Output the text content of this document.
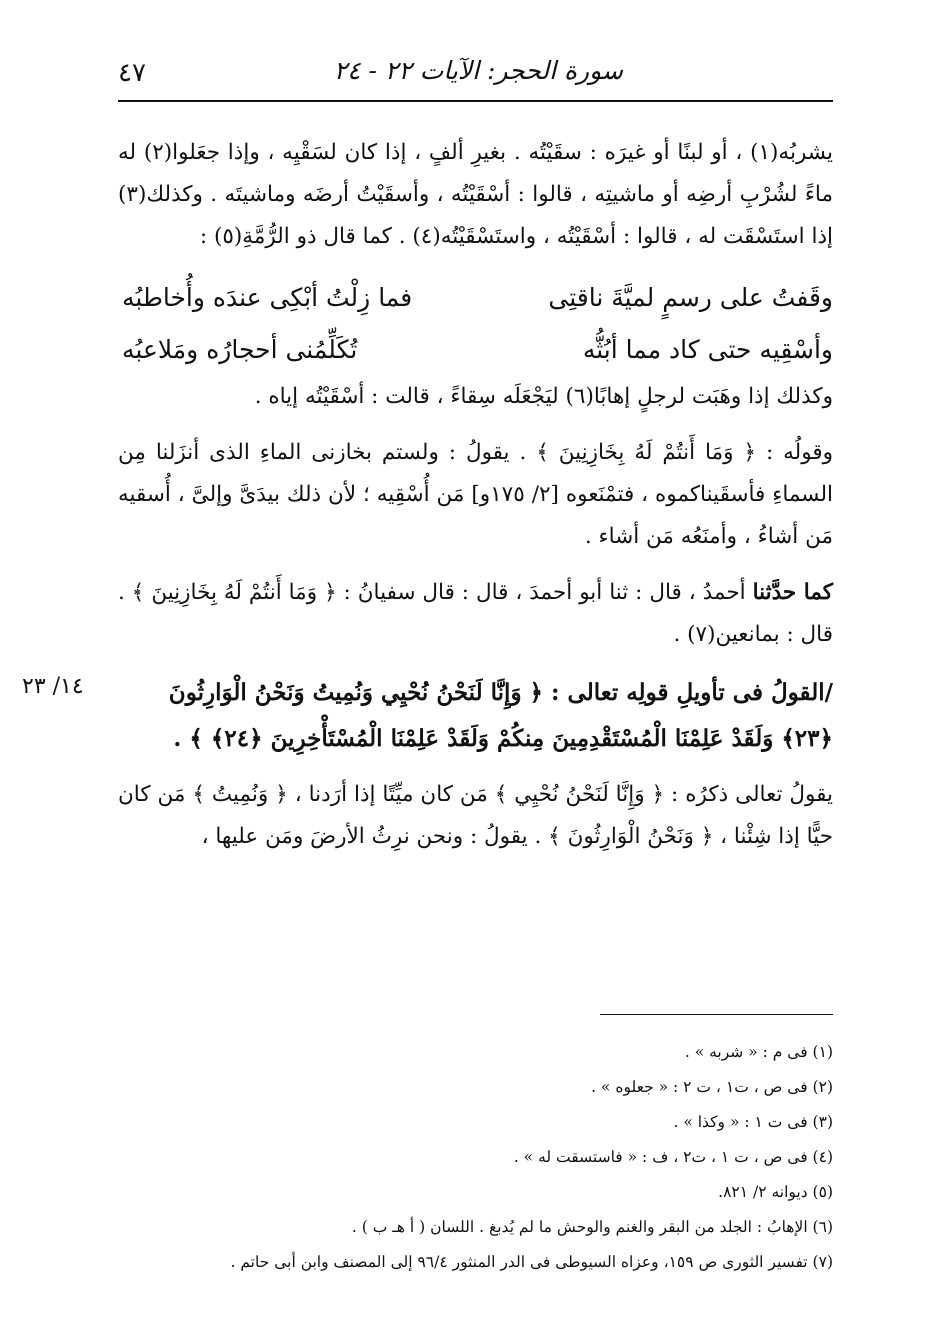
سورة الحجر: الآيات ٢٢ - ٢٤
٤٧

يشربُه(١) ، أو لبنًا أو غيرَه : سقَيْتُه . بغيرِ ألفٍ ، إذا كان لسَقْيِه ، وإذا جعَلوا(٢) له ماءً لشُرْبِ أرضِه أو ماشيتِه ، قالوا : أسْقَيْتُه ، وأسقَيْتُ أرضَه وماشيتَه . وكذلك(٣) إذا استَسْقَت له ، قالوا : أسْقَيْتُه ، واستَسْقَيْتُه(٤) . كما قال ذو الرُّمَّةِ(٥) :

وقَفتُ على رسمٍ لميَّةَ ناقتِى
فما زِلْتُ أبْكِى عندَه وأُخاطبُه
وأسْقِيه حتى كاد مما أبُثُّه
تُكَلِّمُنى أحجارُه ومَلاعبُه

وكذلك إذا وهَبَت لرجلٍ إهابًا(٦) ليَجْعَلَه سِقاءً ، قالت : أسْقَيْتُه إياه .

وقولُه : ﴿ وَمَا أَنتُمْ لَهُ بِخَازِنِينَ ﴾ . يقولُ : ولستم بخازنى الماءِ الذى أنزَلنا مِن السماءِ فأسقَيناكموه ، فتمْنَعوه [٢/ ١٧٥و] مَن أُسْقِيه ؛ لأن ذلك بيدَىَّ وإلىَّ ، أُسقيه مَن أشاءُ ، وأمنَعُه مَن أشاء .

كما حدَّثنا أحمدُ ، قال : ثنا أبو أحمدَ ، قال : قال سفيانُ : ﴿ وَمَا أَنتُمْ لَهُ بِخَازِنِينَ ﴾ . قال : بمانعين(٧) .

/القولُ فى تأويلِ قولِه تعالى : ﴿ وَإِنَّا لَنَحْنُ نُحْيِي وَنُمِيتُ وَنَحْنُ الْوَارِثُونَ ﴿٢٣﴾ وَلَقَدْ عَلِمْنَا الْمُسْتَقْدِمِينَ مِنكُمْ وَلَقَدْ عَلِمْنَا الْمُسْتَأْخِرِينَ ﴿٢٤﴾ ﴾ .

١٤/ ٢٣

يقولُ تعالى ذكرُه : ﴿ وَإِنَّا لَنَحْنُ نُحْيِي ﴾ مَن كان ميِّتًا إذا أرَدنا ، ﴿ وَنُمِيتُ ﴾ مَن كان حيًّا إذا شِئْنا ، ﴿ وَنَحْنُ الْوَارِثُونَ ﴾ . يقولُ : ونحن نرِثُ الأرضَ ومَن عليها ،

(١) فى م : « شربه » .

(٢) فى ص ، ت١ ، ت ٢ : « جعلوه » .

(٣) فى ت ١ : « وكذا » .

(٤) فى ص ، ت ١ ، ت٢ ، ف : « فاستسقت له » .

(٥) ديوانه ٢/ ٨٢١.

(٦) الإهابُ : الجلد من البقر والغنم والوحش ما لم يُدبغ . اللسان ( أ هـ ب ) .

(٧) تفسير الثورى ص ١٥٩، وعزاه السيوطى فى الدر المنثور ٩٦/٤ إلى المصنف وابن أبى حاتم .
